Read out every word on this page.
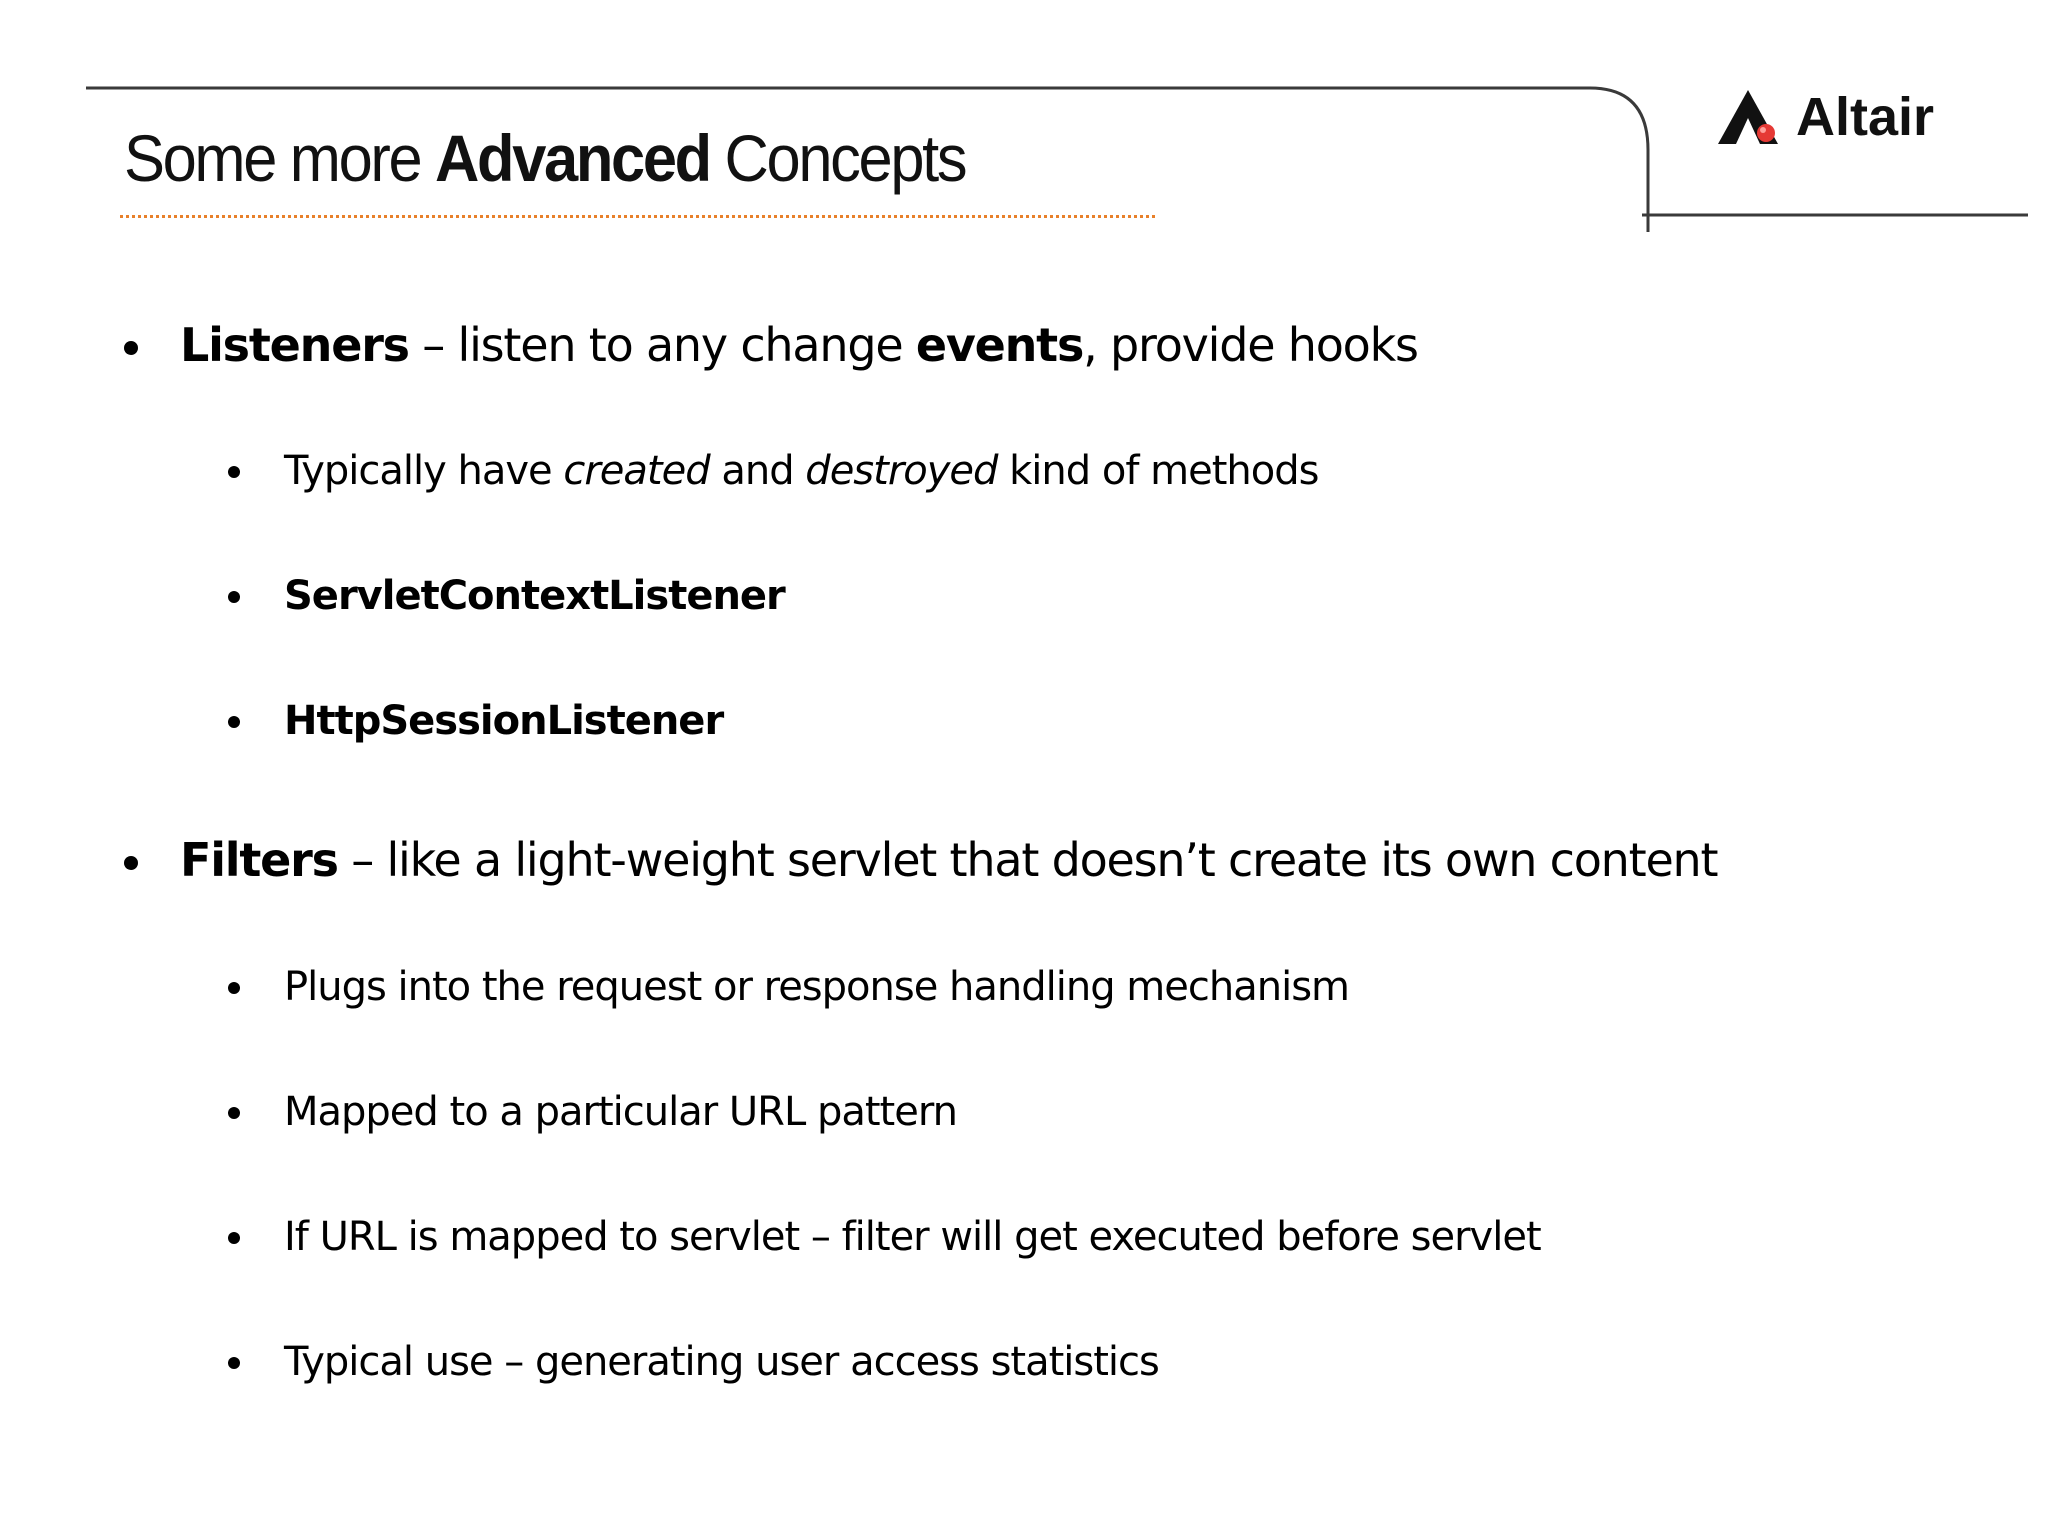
Some more Advanced Concepts
Altair
Listeners – listen to any change events, provide hooks
Typically have created and destroyed kind of methods
ServletContextListener
HttpSessionListener
Filters – like a light-weight servlet that doesn’t create its own content
Plugs into the request or response handling mechanism
Mapped to a particular URL pattern
If URL is mapped to servlet – filter will get executed before servlet
Typical use – generating user access statistics
